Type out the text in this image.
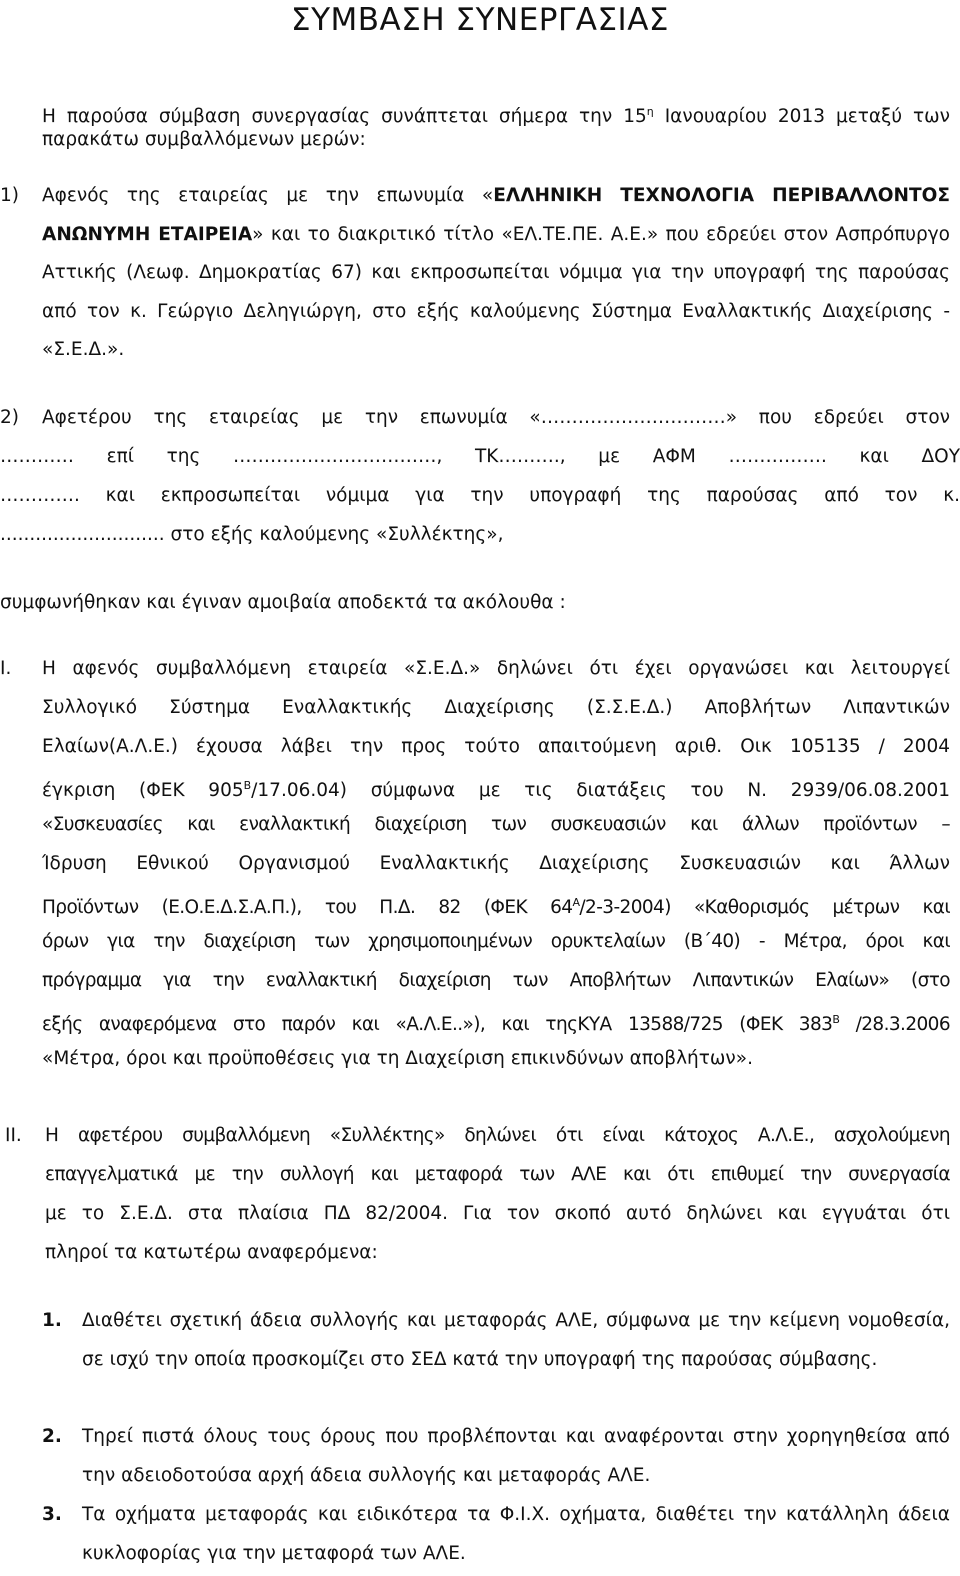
ΣΥΜΒΑΣΗ ΣΥΝΕΡΓΑΣΙΑΣ

Η παρούσα σύμβαση συνεργασίας συνάπτεται σήμερα την $15^\eta$ Ιανουαρίου 2013 μεταξύ των

παρακάτω συμβαλλόμενων μερών:

1) Αφενός της εταιρείας με την επωνυμία «ΕΛΛΗΝΙΚΗ ΤΕΧΝΟΛΟΓΙΑ ΠΕΡΙΒΑΛΛΟΝΤΟΣ ΑΝΩΝΥΜΗ ΕΤΑΙΡΕΙΑ» και το διακριτικό τίτλο «ΕΛ.ΤΕ.ΠΕ. Α.Ε.» που εδρεύει στον Ασπρόπυργο Αττικής (Λεωφ. Δημοκρατίας 67) και εκπροσωπείται νόμιμα για την υπογραφή της παρούσας από τον κ. Γεώργιο Δεληγιώργη, στο εξής καλούμενης Σύστημα Εναλλακτικής Διαχείρισης - «Σ.Ε.Δ.».

2) Αφετέρου της εταιρείας με την επωνυμία «…………………………» που εδρεύει στον

………… επί της ……………………………, ΤΚ………., με ΑΦΜ ……………. και ΔΟΥ

…………. και εκπροσωπείται νόμιμα για την υπογραφή της παρούσας από τον κ.

............................ στο εξής καλούμενης «Συλλέκτης»,

συμφωνήθηκαν και έγιναν αμοιβαία αποδεκτά τα ακόλουθα :

Ι. Η αφενός συμβαλλόμενη εταιρεία «Σ.Ε.Δ.» δηλώνει ότι έχει οργανώσει και λειτουργεί

Συλλογικό Σύστημα Εναλλακτικής Διαχείρισης (Σ.Σ.Ε.Δ.) Αποβλήτων Λιπαντικών

Ελαίων(Α.Λ.Ε.) έχουσα λάβει την προς τούτο απαιτούμενη αριθ. Οικ 105135 / 2004

έγκριση (ΦΕΚ $905^B/17.06.04$) σύμφωνα με τις διατάξεις του Ν. 2939/06.08.2001

«Συσκευασίες και εναλλακτική διαχείριση των συσκευασιών και άλλων προϊόντων –

Ίδρυση Εθνικού Οργανισμού Εναλλακτικής Διαχείρισης Συσκευασιών και Άλλων

Προϊόντων (Ε.Ο.Ε.Δ.Σ.Α.Π.), του Π.Δ. 82 (ΦΕΚ $64^A/2-3-2004$) «Καθορισμός μέτρων και

όρων για την διαχείριση των χρησιμοποιημένων ορυκτελαίων (Β΄40) - Μέτρα, όροι και

πρόγραμμα για την εναλλακτική διαχείριση των Αποβλήτων Λιπαντικών Ελαίων» (στο

εξής αναφερόμενα στο παρόν και «Α.Λ.Ε..»), και τηςΚΥΑ 13588/725 (ΦΕΚ $383^B$ /28.3.2006

«Μέτρα, όροι και προϋποθέσεις για τη Διαχείριση επικινδύνων αποβλήτων».

ΙΙ. Η αφετέρου συμβαλλόμενη «Συλλέκτης» δηλώνει ότι είναι κάτοχος Α.Λ.Ε., ασχολούμενη

επαγγελματικά με την συλλογή και μεταφορά των ΑΛΕ και ότι επιθυμεί την συνεργασία

με το Σ.Ε.Δ. στα πλαίσια ΠΔ 82/2004. Για τον σκοπό αυτό δηλώνει και εγγυάται ότι

πληροί τα κατωτέρω αναφερόμενα:

1. Διαθέτει σχετική άδεια συλλογής και μεταφοράς ΑΛΕ, σύμφωνα με την κείμενη νομοθεσία, σε ισχύ την οποία προσκομίζει στο ΣΕΔ κατά την υπογραφή της παρούσας σύμβασης.

2. Τηρεί πιστά όλους τους όρους που προβλέπονται και αναφέρονται στην χορηγηθείσα από την αδειοδοτούσα αρχή άδεια συλλογής και μεταφοράς ΑΛΕ.

3. Τα οχήματα μεταφοράς και ειδικότερα τα Φ.Ι.Χ. οχήματα, διαθέτει την κατάλληλη άδεια κυκλοφορίας για την μεταφορά των ΑΛΕ.
